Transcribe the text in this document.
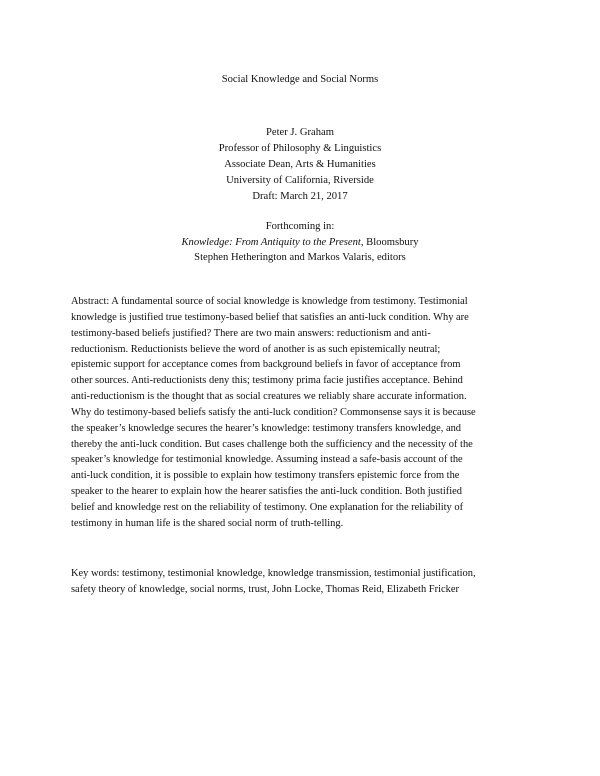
Social Knowledge and Social Norms
Peter J. Graham
Professor of Philosophy & Linguistics
Associate Dean, Arts & Humanities
University of California, Riverside
Draft: March 21, 2017
Forthcoming in:
Knowledge: From Antiquity to the Present, Bloomsbury
Stephen Hetherington and Markos Valaris, editors
Abstract: A fundamental source of social knowledge is knowledge from testimony. Testimonial
knowledge is justified true testimony-based belief that satisfies an anti-luck condition. Why are
testimony-based beliefs justified? There are two main answers: reductionism and anti-
reductionism. Reductionists believe the word of another is as such epistemically neutral;
epistemic support for acceptance comes from background beliefs in favor of acceptance from
other sources. Anti-reductionists deny this; testimony prima facie justifies acceptance. Behind
anti-reductionism is the thought that as social creatures we reliably share accurate information.
Why do testimony-based beliefs satisfy the anti-luck condition? Commonsense says it is because
the speaker’s knowledge secures the hearer’s knowledge: testimony transfers knowledge, and
thereby the anti-luck condition. But cases challenge both the sufficiency and the necessity of the
speaker’s knowledge for testimonial knowledge. Assuming instead a safe-basis account of the
anti-luck condition, it is possible to explain how testimony transfers epistemic force from the
speaker to the hearer to explain how the hearer satisfies the anti-luck condition. Both justified
belief and knowledge rest on the reliability of testimony. One explanation for the reliability of
testimony in human life is the shared social norm of truth-telling.
Key words: testimony, testimonial knowledge, knowledge transmission, testimonial justification,
safety theory of knowledge, social norms, trust, John Locke, Thomas Reid, Elizabeth Fricker
